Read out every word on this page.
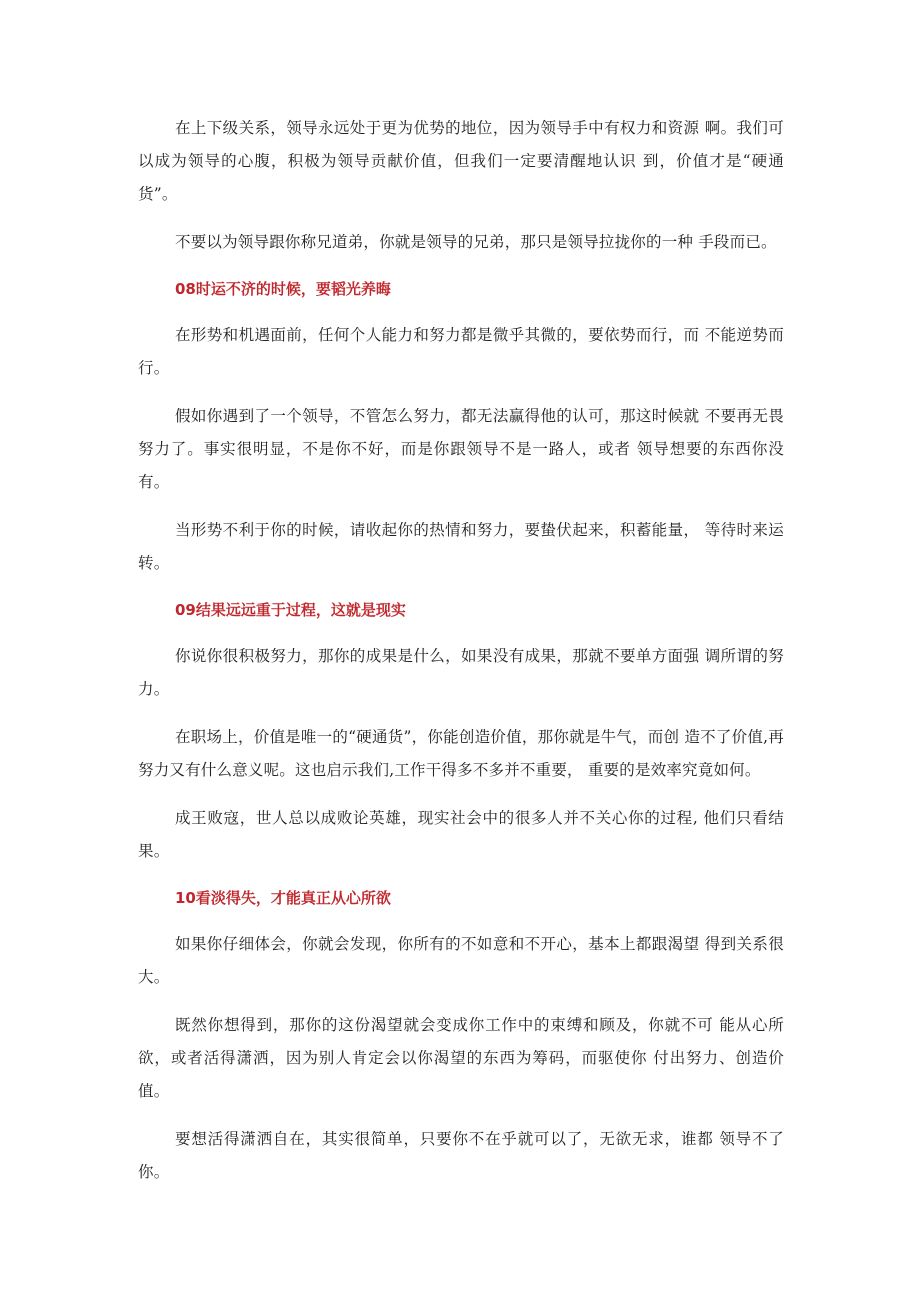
在上下级关系，领导永远处于更为优势的地位，因为领导手中有权力和资源 啊。我们可以成为领导的心腹，积极为领导贡献价值，但我们一定要清醒地认识 到，价值才是“硬通货”。

不要以为领导跟你称兄道弟，你就是领导的兄弟，那只是领导拉拢你的一种 手段而已。

08时运不济的时候，要韬光养晦

在形势和机遇面前，任何个人能力和努力都是微乎其微的，要依势而行，而 不能逆势而行。

假如你遇到了一个领导，不管怎么努力，都无法赢得他的认可，那这时候就 不要再无畏努力了。事实很明显，不是你不好，而是你跟领导不是一路人，或者 领导想要的东西你没有。

当形势不利于你的时候，请收起你的热情和努力，要蛰伏起来，积蓄能量， 等待时来运转。

09结果远远重于过程，这就是现实

你说你很积极努力，那你的成果是什么，如果没有成果，那就不要单方面强 调所谓的努力。

在职场上，价值是唯一的“硬通货”，你能创造价值，那你就是牛气，而创 造不了价值,再努力又有什么意义呢。这也启示我们,工作干得多不多并不重要， 重要的是效率究竟如何。

成王败寇，世人总以成败论英雄，现实社会中的很多人并不关心你的过程, 他们只看结果。

10看淡得失，才能真正从心所欲

如果你仔细体会，你就会发现，你所有的不如意和不开心，基本上都跟渴望 得到关系很大。

既然你想得到，那你的这份渴望就会变成你工作中的束缚和顾及，你就不可 能从心所欲，或者活得潇洒，因为别人肯定会以你渴望的东西为筹码，而驱使你 付出努力、创造价值。

要想活得潇洒自在，其实很简单，只要你不在乎就可以了，无欲无求，谁都 领导不了你。
